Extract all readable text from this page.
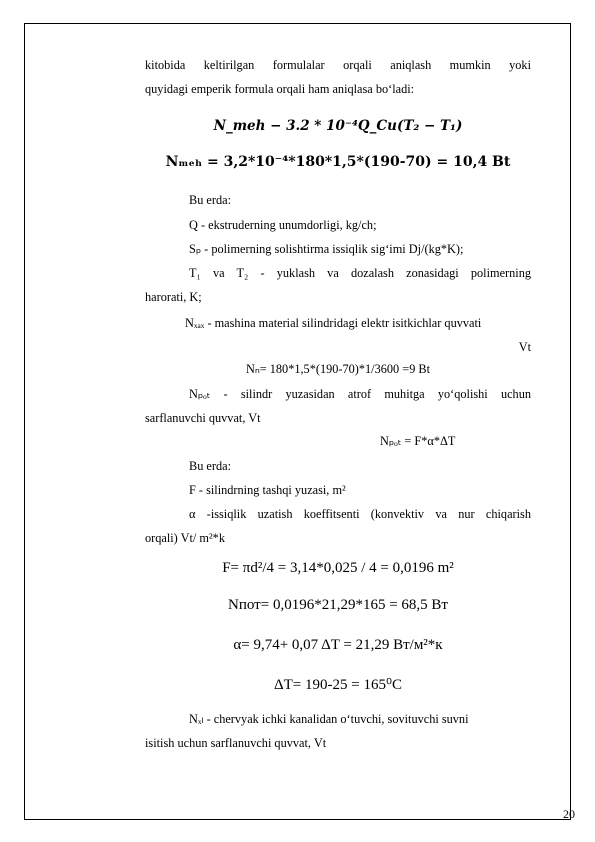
kitobida keltirilgan formulalar orqali aniqlash mumkin yoki
quyidagi emperik formula orqali ham aniqlasa bo‘ladi:
N_meh − 3.2 * 10⁻⁴Q_Cu(T₂ − T₁)
Nₘₑₕ = 3,2*10⁻⁴*180*1,5*(190-70) = 10,4 Bt
Bu erda:
Q - ekstruderning unumdorligi, kg/ch;
Sₚ - polimerning solishtirma issiqlik sig‘imi Dj/(kg*K);
T₁ va T₂ - yuklash va dozalash zonasidagi polimerning
harorati, K;
Nₓₐₓ - mashina material silindridagi elektr isitkichlar quvvati
Vt
Nₙ= 180*1,5*(190-70)*1/3600 =9 Bt
Nₚₒₜ - silindr yuzasidan atrof muhitga yo‘qolishi uchun
sarflanuvchi quvvat, Vt
Nₚₒₜ = F*α*ΔT
Bu erda:
F - silindrning tashqi yuzasi, m²
α -issiqlik uzatish koeffitsenti (konvektiv va nur chiqarish
orqali) Vt/ m²*k
F= πd²/4 = 3,14*0,025 / 4 = 0,0196 m²
Nпот= 0,0196*21,29*165 = 68,5 Вт
α= 9,74+ 0,07 ΔT = 21,29 Вт/м²*к
ΔT= 190-25 = 165⁰C
Nₓₗ - chervyak ichki kanalidan o‘tuvchi, sovituvchi suvni
isitish uchun sarflanuvchi quvvat, Vt
20
